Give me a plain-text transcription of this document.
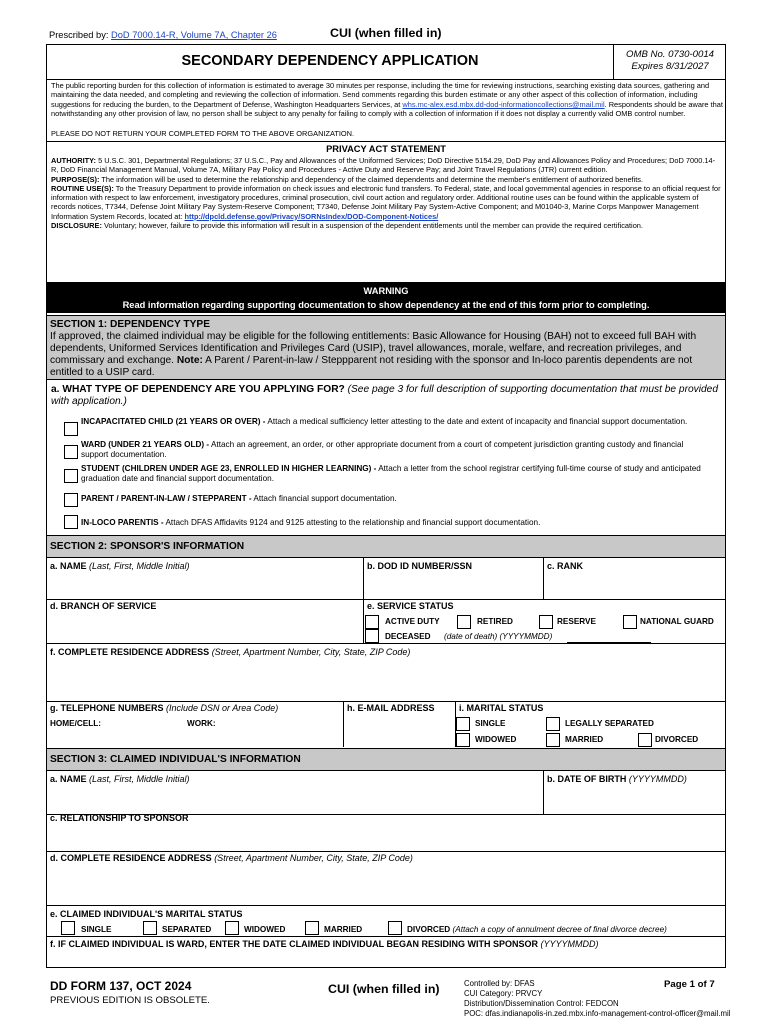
Prescribed by: DoD 7000.14-R, Volume 7A, Chapter 26	CUI (when filled in)
SECONDARY DEPENDENCY APPLICATION	OMB No. 0730-0014
Expires 8/31/2027
The public reporting burden for this collection of information is estimated to average 30 minutes per response, including the time for reviewing instructions, searching existing data sources, gathering and maintaining the data needed, and completing and reviewing the collection of information. Send comments regarding this burden estimate or any other aspect of this collection of information, including suggestions for reducing the burden, to the Department of Defense, Washington Headquarters Services, at whs.mc-alex.esd.mbx.dd-dod-informationcollections@mail.mil. Respondents should be aware that notwithstanding any other provision of law, no person shall be subject to any penalty for failing to comply with a collection of information if it does not display a currently valid OMB control number.
PLEASE DO NOT RETURN YOUR COMPLETED FORM TO THE ABOVE ORGANIZATION.
PRIVACY ACT STATEMENT
AUTHORITY: 5 U.S.C. 301, Departmental Regulations; 37 U.S.C., Pay and Allowances of the Uniformed Services; DoD Directive 5154.29, DoD Pay and Allowances Policy and Procedures; DoD 7000.14-R, DoD Financial Management Manual, Volume 7A, Military Pay Policy and Procedures - Active Duty and Reserve Pay; and Joint Travel Regulations (JTR) current edition.
PURPOSE(S): The information will be used to determine the relationship and dependency of the claimed dependents and determine the member's entitlement of authorized benefits.
ROUTINE USE(S): To the Treasury Department to provide information on check issues and electronic fund transfers. To Federal, state, and local governmental agencies in response to an official request for information with respect to law enforcement, investigatory procedures, criminal prosecution, civil court action and regulatory order. Additional routine uses can be found within the applicable system of records notices, T7344, Defense Joint Military Pay System-Reserve Component; T7340, Defense Joint Military Pay System-Active Component; and M01040-3, Marine Corps Manpower Management Information System Records, located at: http://dpcld.defense.gov/Privacy/SORNsIndex/DOD-Component-Notices/
DISCLOSURE: Voluntary; however, failure to provide this information will result in a suspension of the dependent entitlements until the member can provide the required certification.
WARNING
Read information regarding supporting documentation to show dependency at the end of this form prior to completing.
SECTION 1: DEPENDENCY TYPE
If approved, the claimed individual may be eligible for the following entitlements: Basic Allowance for Housing (BAH) not to exceed full BAH with dependents, Uniformed Services Identification and Privileges Card (USIP), travel allowances, morale, welfare, and recreation privileges, and commissary and exchange. Note: A Parent / Parent-in-law / Steppparent not residing with the sponsor and In-loco parentis dependents are not entitled to a USIP card.
a. WHAT TYPE OF DEPENDENCY ARE YOU APPLYING FOR? (See page 3 for full description of supporting documentation that must be provided with application.)
INCAPACITATED CHILD (21 YEARS OR OVER) - Attach a medical sufficiency letter attesting to the date and extent of incapacity and financial support documentation.
WARD (UNDER 21 YEARS OLD) - Attach an agreement, an order, or other appropriate document from a court of competent jurisdiction granting custody and financial support documentation.
STUDENT (CHILDREN UNDER AGE 23, ENROLLED IN HIGHER LEARNING) - Attach a letter from the school registrar certifying full-time course of study and anticipated graduation date and financial support documentation.
PARENT / PARENT-IN-LAW / STEPPARENT - Attach financial support documentation.
IN-LOCO PARENTIS - Attach DFAS Affidavits 9124 and 9125 attesting to the relationship and financial support documentation.
SECTION 2: SPONSOR'S INFORMATION
a. NAME (Last, First, Middle Initial)	b. DOD ID NUMBER/SSN	c. RANK
d. BRANCH OF SERVICE	e. SERVICE STATUS
ACTIVE DUTY	RETIRED	RESERVE	NATIONAL GUARD
DECEASED (date of death) (YYYYMMDD)
f. COMPLETE RESIDENCE ADDRESS (Street, Apartment Number, City, State, ZIP Code)
g. TELEPHONE NUMBERS (Include DSN or Area Code)
HOME/CELL:	WORK:
h. E-MAIL ADDRESS	i. MARITAL STATUS
SINGLE	LEGALLY SEPARATED
WIDOWED	MARRIED	DIVORCED
SECTION 3: CLAIMED INDIVIDUAL'S INFORMATION
a. NAME (Last, First, Middle Initial)	b. DATE OF BIRTH (YYYYMMDD)
c. RELATIONSHIP TO SPONSOR
d. COMPLETE RESIDENCE ADDRESS (Street, Apartment Number, City, State, ZIP Code)
e. CLAIMED INDIVIDUAL'S MARITAL STATUS
SINGLE	SEPARATED	WIDOWED	MARRIED	DIVORCED (Attach a copy of annulment decree of final divorce decree)
f. IF CLAIMED INDIVIDUAL IS WARD, ENTER THE DATE CLAIMED INDIVIDUAL BEGAN RESIDING WITH SPONSOR (YYYYMMDD)
DD FORM 137, OCT 2024
PREVIOUS EDITION IS OBSOLETE.
CUI (when filled in)	Controlled by: DFAS
CUI Category: PRVCY
Distribution/Dissemination Control: FEDCON
POC: dfas.indianapolis-in.zed.mbx.info-management-control-officer@mail.mil
Page 1 of 7
